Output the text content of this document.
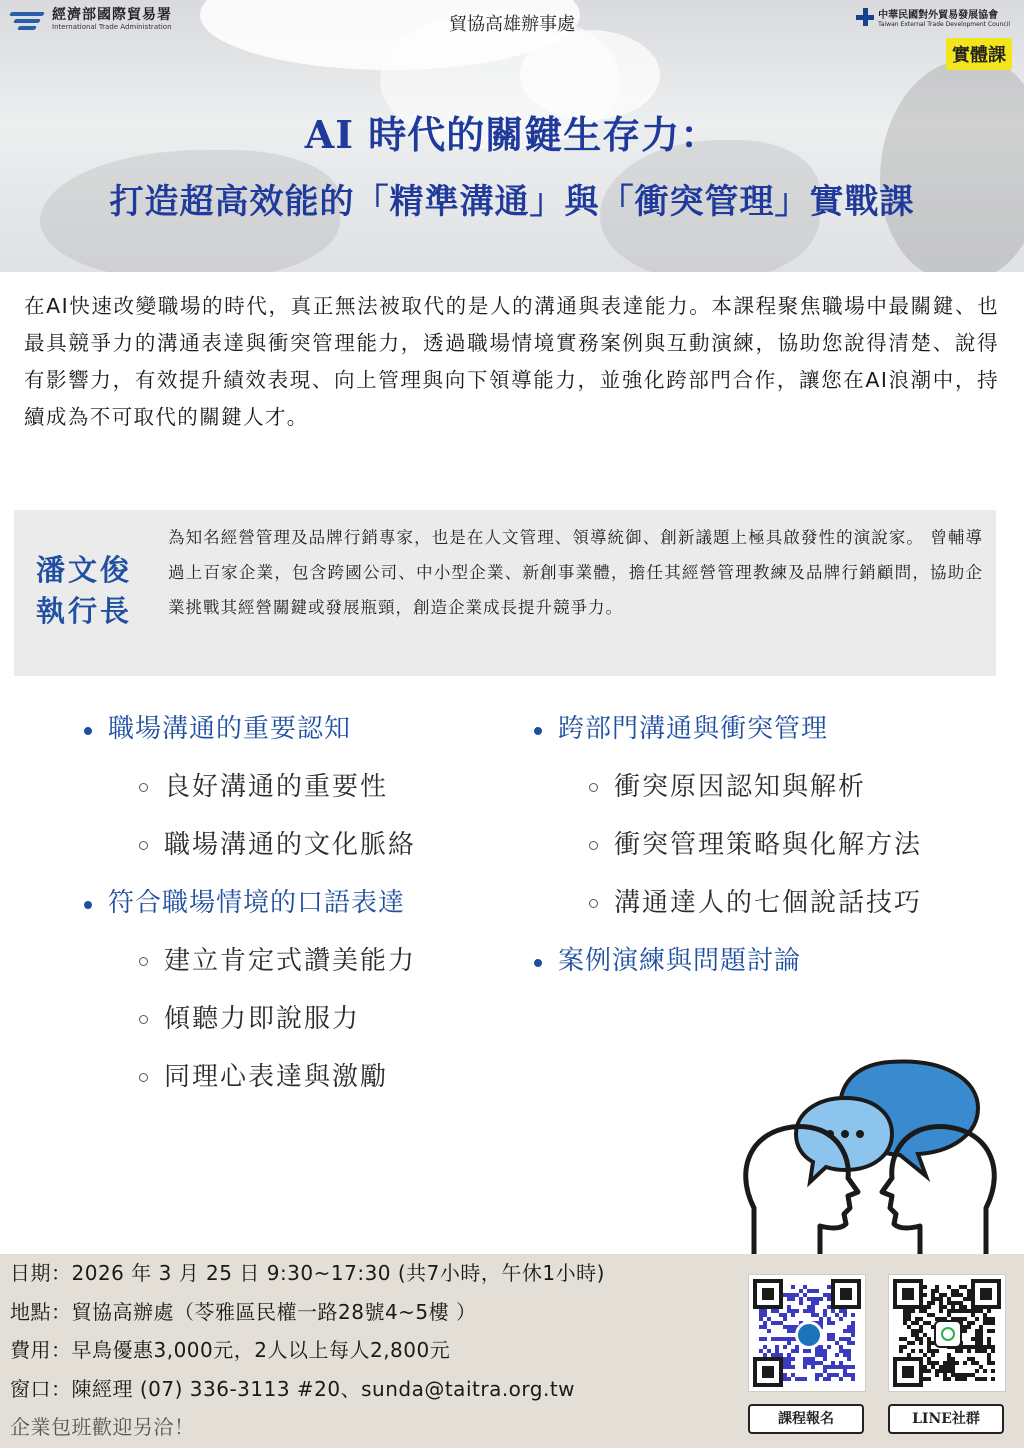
經濟部國際貿易署
International Trade Administration	貿協高雄辦事處	中華民國對外貿易發展協會
Taiwan External Trade Development Council
實體課
AI 時代的關鍵生存力：
打造超高效能的「精準溝通」與「衝突管理」實戰課
在AI快速改變職場的時代，真正無法被取代的是人的溝通與表達能力。本課程聚焦職場中最關鍵、也最具競爭力的溝通表達與衝突管理能力，透過職場情境實務案例與互動演練，協助您說得清楚、說得有影響力，有效提升績效表現、向上管理與向下領導能力，並強化跨部門合作，讓您在AI浪潮中，持續成為不可取代的關鍵人才。
潘文俊
執行長
為知名經營管理及品牌行銷專家，也是在人文管理、領導統御、創新議題上極具啟發性的演說家。 曾輔導過上百家企業，包含跨國公司、中小型企業、新創事業體，擔任其經營管理教練及品牌行銷顧問，協助企業挑戰其經營關鍵或發展瓶頸，創造企業成長提升競爭力。
職場溝通的重要認知
良好溝通的重要性
職場溝通的文化脈絡
符合職場情境的口語表達
建立肯定式讚美能力
傾聽力即說服力
同理心表達與激勵
跨部門溝通與衝突管理
衝突原因認知與解析
衝突管理策略與化解方法
溝通達人的七個說話技巧
案例演練與問題討論
日期：2026 年 3 月 25 日 9:30~17:30 (共7小時，午休1小時)
地點：貿協高辦處（苓雅區民權一路28號4~5樓 ）
費用：早鳥優惠3,000元，2人以上每人2,800元
窗口：陳經理 (07) 336-3113 #20、sunda@taitra.org.tw
企業包班歡迎另洽！	課程報名	LINE社群
